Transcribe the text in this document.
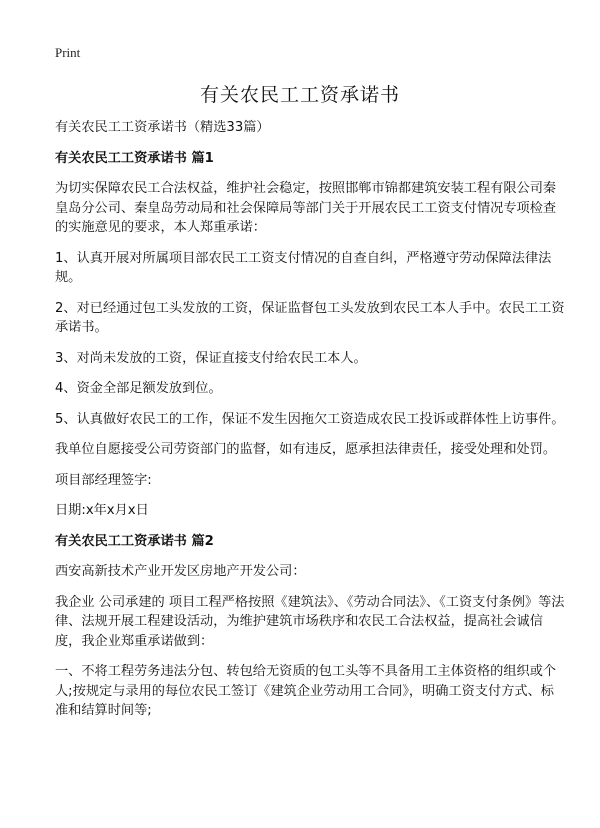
Print
有关农民工工资承诺书

有关农民工工资承诺书（精选33篇）

有关农民工工资承诺书 篇1

为切实保障农民工合法权益，维护社会稳定，按照邯郸市锦都建筑安装工程有限公司秦皇岛分公司、秦皇岛劳动局和社会保障局等部门关于开展农民工工资支付情况专项检查的实施意见的要求，本人郑重承诺：

1、认真开展对所属项目部农民工工资支付情况的自查自纠，严格遵守劳动保障法律法规。

2、对已经通过包工头发放的工资，保证监督包工头发放到农民工本人手中。农民工工资承诺书。

3、对尚未发放的工资，保证直接支付给农民工本人。

4、资金全部足额发放到位。

5、认真做好农民工的工作，保证不发生因拖欠工资造成农民工投诉或群体性上访事件。

我单位自愿接受公司劳资部门的监督，如有违反，愿承担法律责任，接受处理和处罚。

项目部经理签字:

日期:x年x月x日

有关农民工工资承诺书 篇2

西安高新技术产业开发区房地产开发公司：

我企业 公司承建的 项目工程严格按照《建筑法》、《劳动合同法》、《工资支付条例》等法律、法规开展工程建设活动，为维护建筑市场秩序和农民工合法权益，提高社会诚信度，我企业郑重承诺做到：

一、不将工程劳务违法分包、转包给无资质的包工头等不具备用工主体资格的组织或个人;按规定与录用的每位农民工签订《建筑企业劳动用工合同》，明确工资支付方式、标准和结算时间等;
